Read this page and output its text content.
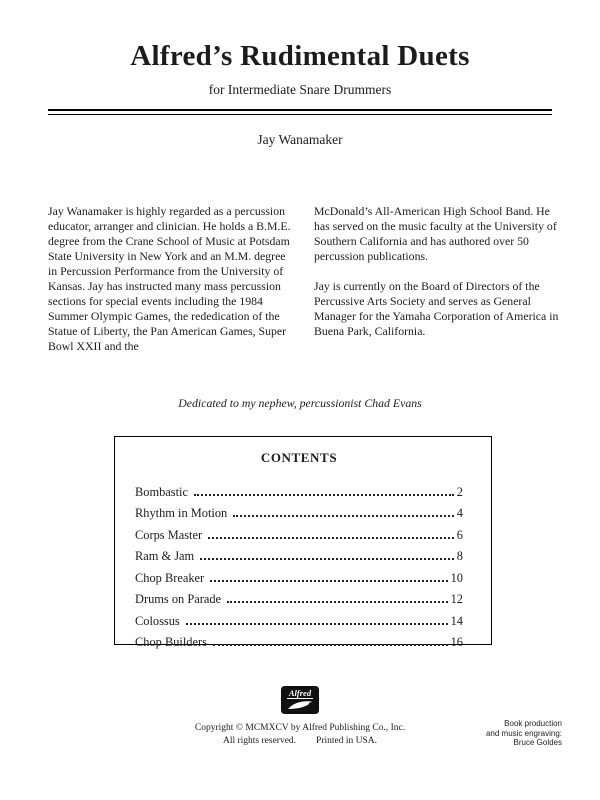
Alfred’s Rudimental Duets
for Intermediate Snare Drummers
Jay Wanamaker

Jay Wanamaker is highly regarded as a percussion educator, arranger and clinician. He holds a B.M.E. degree from the Crane School of Music at Potsdam State University in New York and an M.M. degree in Percussion Performance from the University of Kansas. Jay has instructed many mass percussion sections for special events including the 1984 Summer Olympic Games, the rededication of the Statue of Liberty, the Pan American Games, Super Bowl XXII and the

McDonald’s All-American High School Band. He has served on the music faculty at the University of Southern California and has authored over 50 percussion publications.

Jay is currently on the Board of Directors of the Percussive Arts Society and serves as General Manager for the Yamaha Corporation of America in Buena Park, California.

Dedicated to my nephew, percussionist Chad Evans
CONTENTS
Bombastic	2
Rhythm in Motion	4
Corps Master	6
Ram & Jam	8
Chop Breaker	10
Drums on Parade	12
Colossus	14
Chop Builders	16
Alfred
Copyright © MCMXCV by Alfred Publishing Co., Inc.
All rights reserved. Printed in USA.
Book production
and music engraving:
Bruce Goldes
